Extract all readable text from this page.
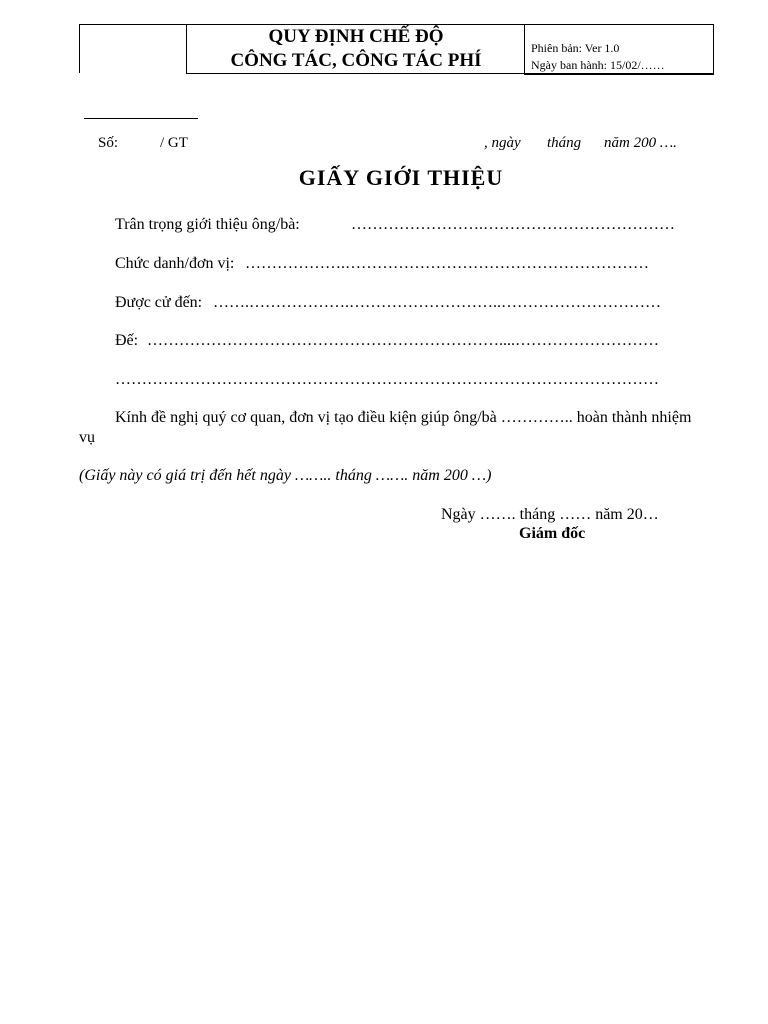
QUY ĐỊNH CHẾ ĐỘ
CÔNG TÁC, CÔNG TÁC PHÍ
Phiên bản: Ver 1.0
Ngày ban hành: 15/02/……
Số:	/ GT	, ngày tháng năm 200 ….
GIẤY GIỚI THIỆU
Trân trọng giới thiệu ông/bà:	…………………….………………………………
Chức danh/đơn vị: ……………….…………………………………………………
Được cử đến: …….……………….………………………..…………………………
Đế: …………………………………………………………....………………………
…………………………………………………………………………………………
Kính đề nghị quý cơ quan, đơn vị tạo điều kiện giúp ông/bà ………….. hoàn thành nhiệm
vụ
(Giấy này có giá trị đến hết ngày …….. tháng ……. năm 200 …)
Ngày ……. tháng …… năm 20…
Giám đốc
